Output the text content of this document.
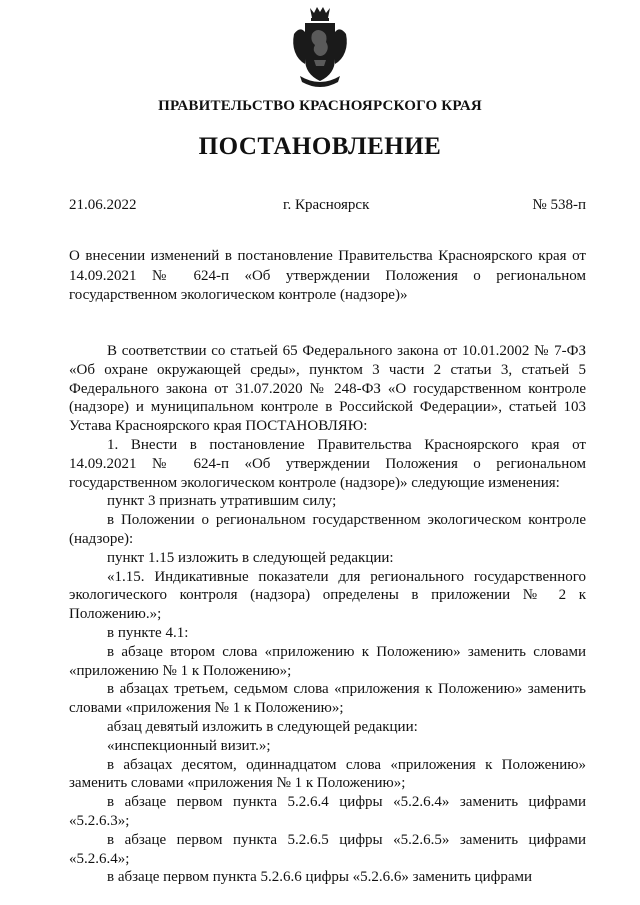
ПРАВИТЕЛЬСТВО КРАСНОЯРСКОГО КРАЯ
ПОСТАНОВЛЕНИЕ
21.06.2022	г. Красноярск	№ 538-п
О внесении изменений в постановление Правительства Красноярского края от 14.09.2021 № 624-п «Об утверждении Положения о региональном государственном экологическом контроле (надзоре)»

В соответствии со статьей 65 Федерального закона от 10.01.2002 № 7-ФЗ «Об охране окружающей среды», пунктом 3 части 2 статьи 3, статьей 5 Федерального закона от 31.07.2020 № 248-ФЗ «О государственном контроле (надзоре) и муниципальном контроле в Российской Федерации», статьей 103 Устава Красноярского края ПОСТАНОВЛЯЮ:

1. Внести в постановление Правительства Красноярского края от 14.09.2021 № 624-п «Об утверждении Положения о региональном государственном экологическом контроле (надзоре)» следующие изменения:

пункт 3 признать утратившим силу;

в Положении о региональном государственном экологическом контроле (надзоре):

пункт 1.15 изложить в следующей редакции:

«1.15. Индикативные показатели для регионального государственного экологического контроля (надзора) определены в приложении № 2 к Положению.»;

в пункте 4.1:

в абзаце втором слова «приложению к Положению» заменить словами «приложению № 1 к Положению»;

в абзацах третьем, седьмом слова «приложения к Положению» заменить словами «приложения № 1 к Положению»;

абзац девятый изложить в следующей редакции:

«инспекционный визит.»;

в абзацах десятом, одиннадцатом слова «приложения к Положению» заменить словами «приложения № 1 к Положению»;

в абзаце первом пункта 5.2.6.4 цифры «5.2.6.4» заменить цифрами «5.2.6.3»;

в абзаце первом пункта 5.2.6.5 цифры «5.2.6.5» заменить цифрами «5.2.6.4»;

в абзаце первом пункта 5.2.6.6 цифры «5.2.6.6» заменить цифрами
